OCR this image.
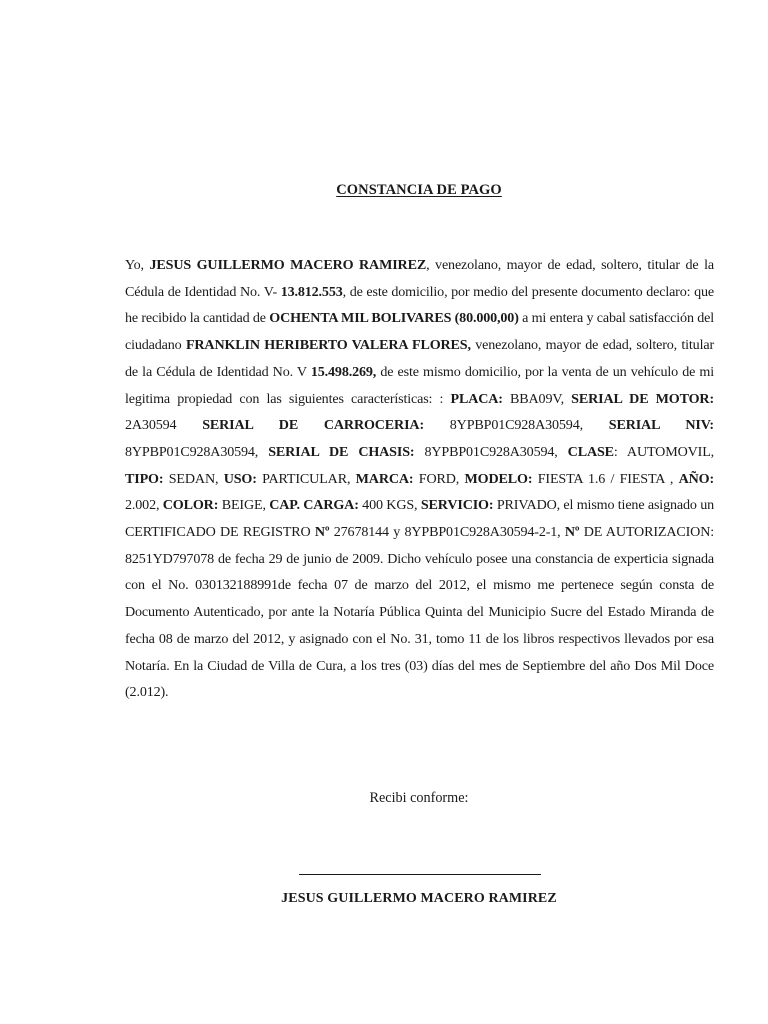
CONSTANCIA DE PAGO
Yo, JESUS GUILLERMO MACERO RAMIREZ, venezolano, mayor de edad, soltero, titular de la Cédula de Identidad No. V- 13.812.553, de este domicilio, por medio del presente documento declaro: que he recibido la cantidad de OCHENTA MIL BOLIVARES (80.000,00) a mi entera y cabal satisfacción del ciudadano FRANKLIN HERIBERTO VALERA FLORES, venezolano, mayor de edad, soltero, titular de la Cédula de Identidad No. V 15.498.269, de este mismo domicilio, por la venta de un vehículo de mi legitima propiedad con las siguientes características: : PLACA: BBA09V, SERIAL DE MOTOR: 2A30594 SERIAL DE CARROCERIA: 8YPBP01C928A30594, SERIAL NIV: 8YPBP01C928A30594, SERIAL DE CHASIS: 8YPBP01C928A30594, CLASE: AUTOMOVIL, TIPO: SEDAN, USO: PARTICULAR, MARCA: FORD, MODELO: FIESTA 1.6 / FIESTA , AÑO: 2.002, COLOR: BEIGE, CAP. CARGA: 400 KGS, SERVICIO: PRIVADO, el mismo tiene asignado un CERTIFICADO DE REGISTRO Nº 27678144 y 8YPBP01C928A30594-2-1, Nº DE AUTORIZACION: 8251YD797078 de fecha 29 de junio de 2009. Dicho vehículo posee una constancia de experticia signada con el No. 030132188991de fecha 07 de marzo del 2012, el mismo me pertenece según consta de Documento Autenticado, por ante la Notaría Pública Quinta del Municipio Sucre del Estado Miranda de fecha 08 de marzo del 2012, y asignado con el No. 31, tomo 11 de los libros respectivos llevados por esa Notaría. En la Ciudad de Villa de Cura, a los tres (03) días del mes de Septiembre del año Dos Mil Doce (2.012).
Recibi conforme:
JESUS GUILLERMO MACERO RAMIREZ
